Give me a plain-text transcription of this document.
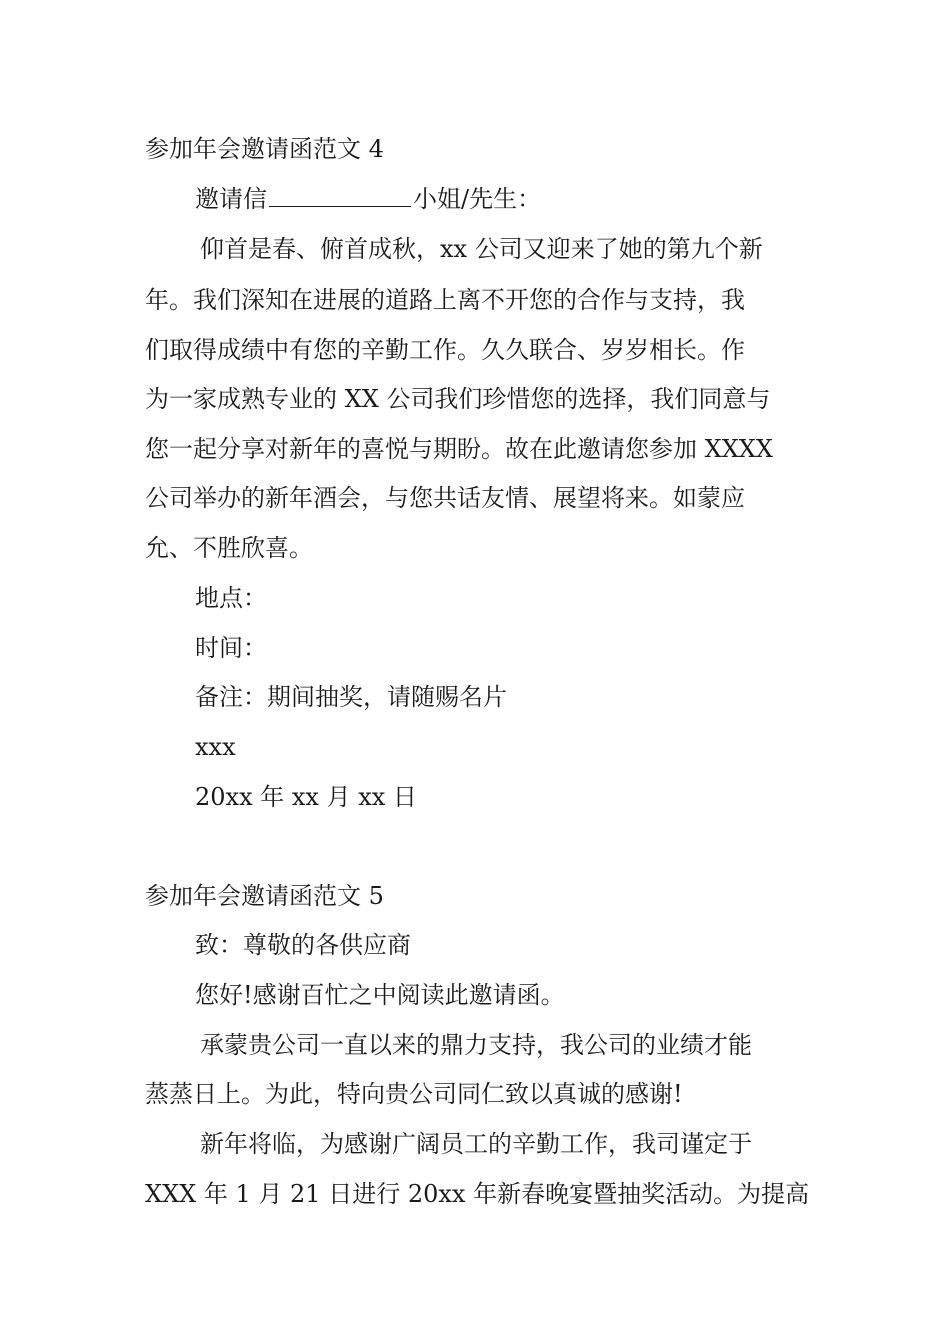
参加年会邀请函范文 4
邀请信	小姐/先生：
仰首是春、俯首成秋，xx 公司又迎来了她的第九个新
年。我们深知在进展的道路上离不开您的合作与支持，我
们取得成绩中有您的辛勤工作。久久联合、岁岁相长。作
为一家成熟专业的 XX 公司我们珍惜您的选择，我们同意与
您一起分享对新年的喜悦与期盼。故在此邀请您参加 XXXX
公司举办的新年酒会，与您共话友情、展望将来。如蒙应
允、不胜欣喜。
地点：
时间：
备注：期间抽奖，请随赐名片
xxx
20xx 年 xx 月 xx 日
参加年会邀请函范文 5
致：尊敬的各供应商
您好!感谢百忙之中阅读此邀请函。
承蒙贵公司一直以来的鼎力支持，我公司的业绩才能
蒸蒸日上。为此，特向贵公司同仁致以真诚的感谢!
新年将临，为感谢广阔员工的辛勤工作，我司谨定于
XXX 年 1 月 21 日进行 20xx 年新春晚宴暨抽奖活动。为提高
